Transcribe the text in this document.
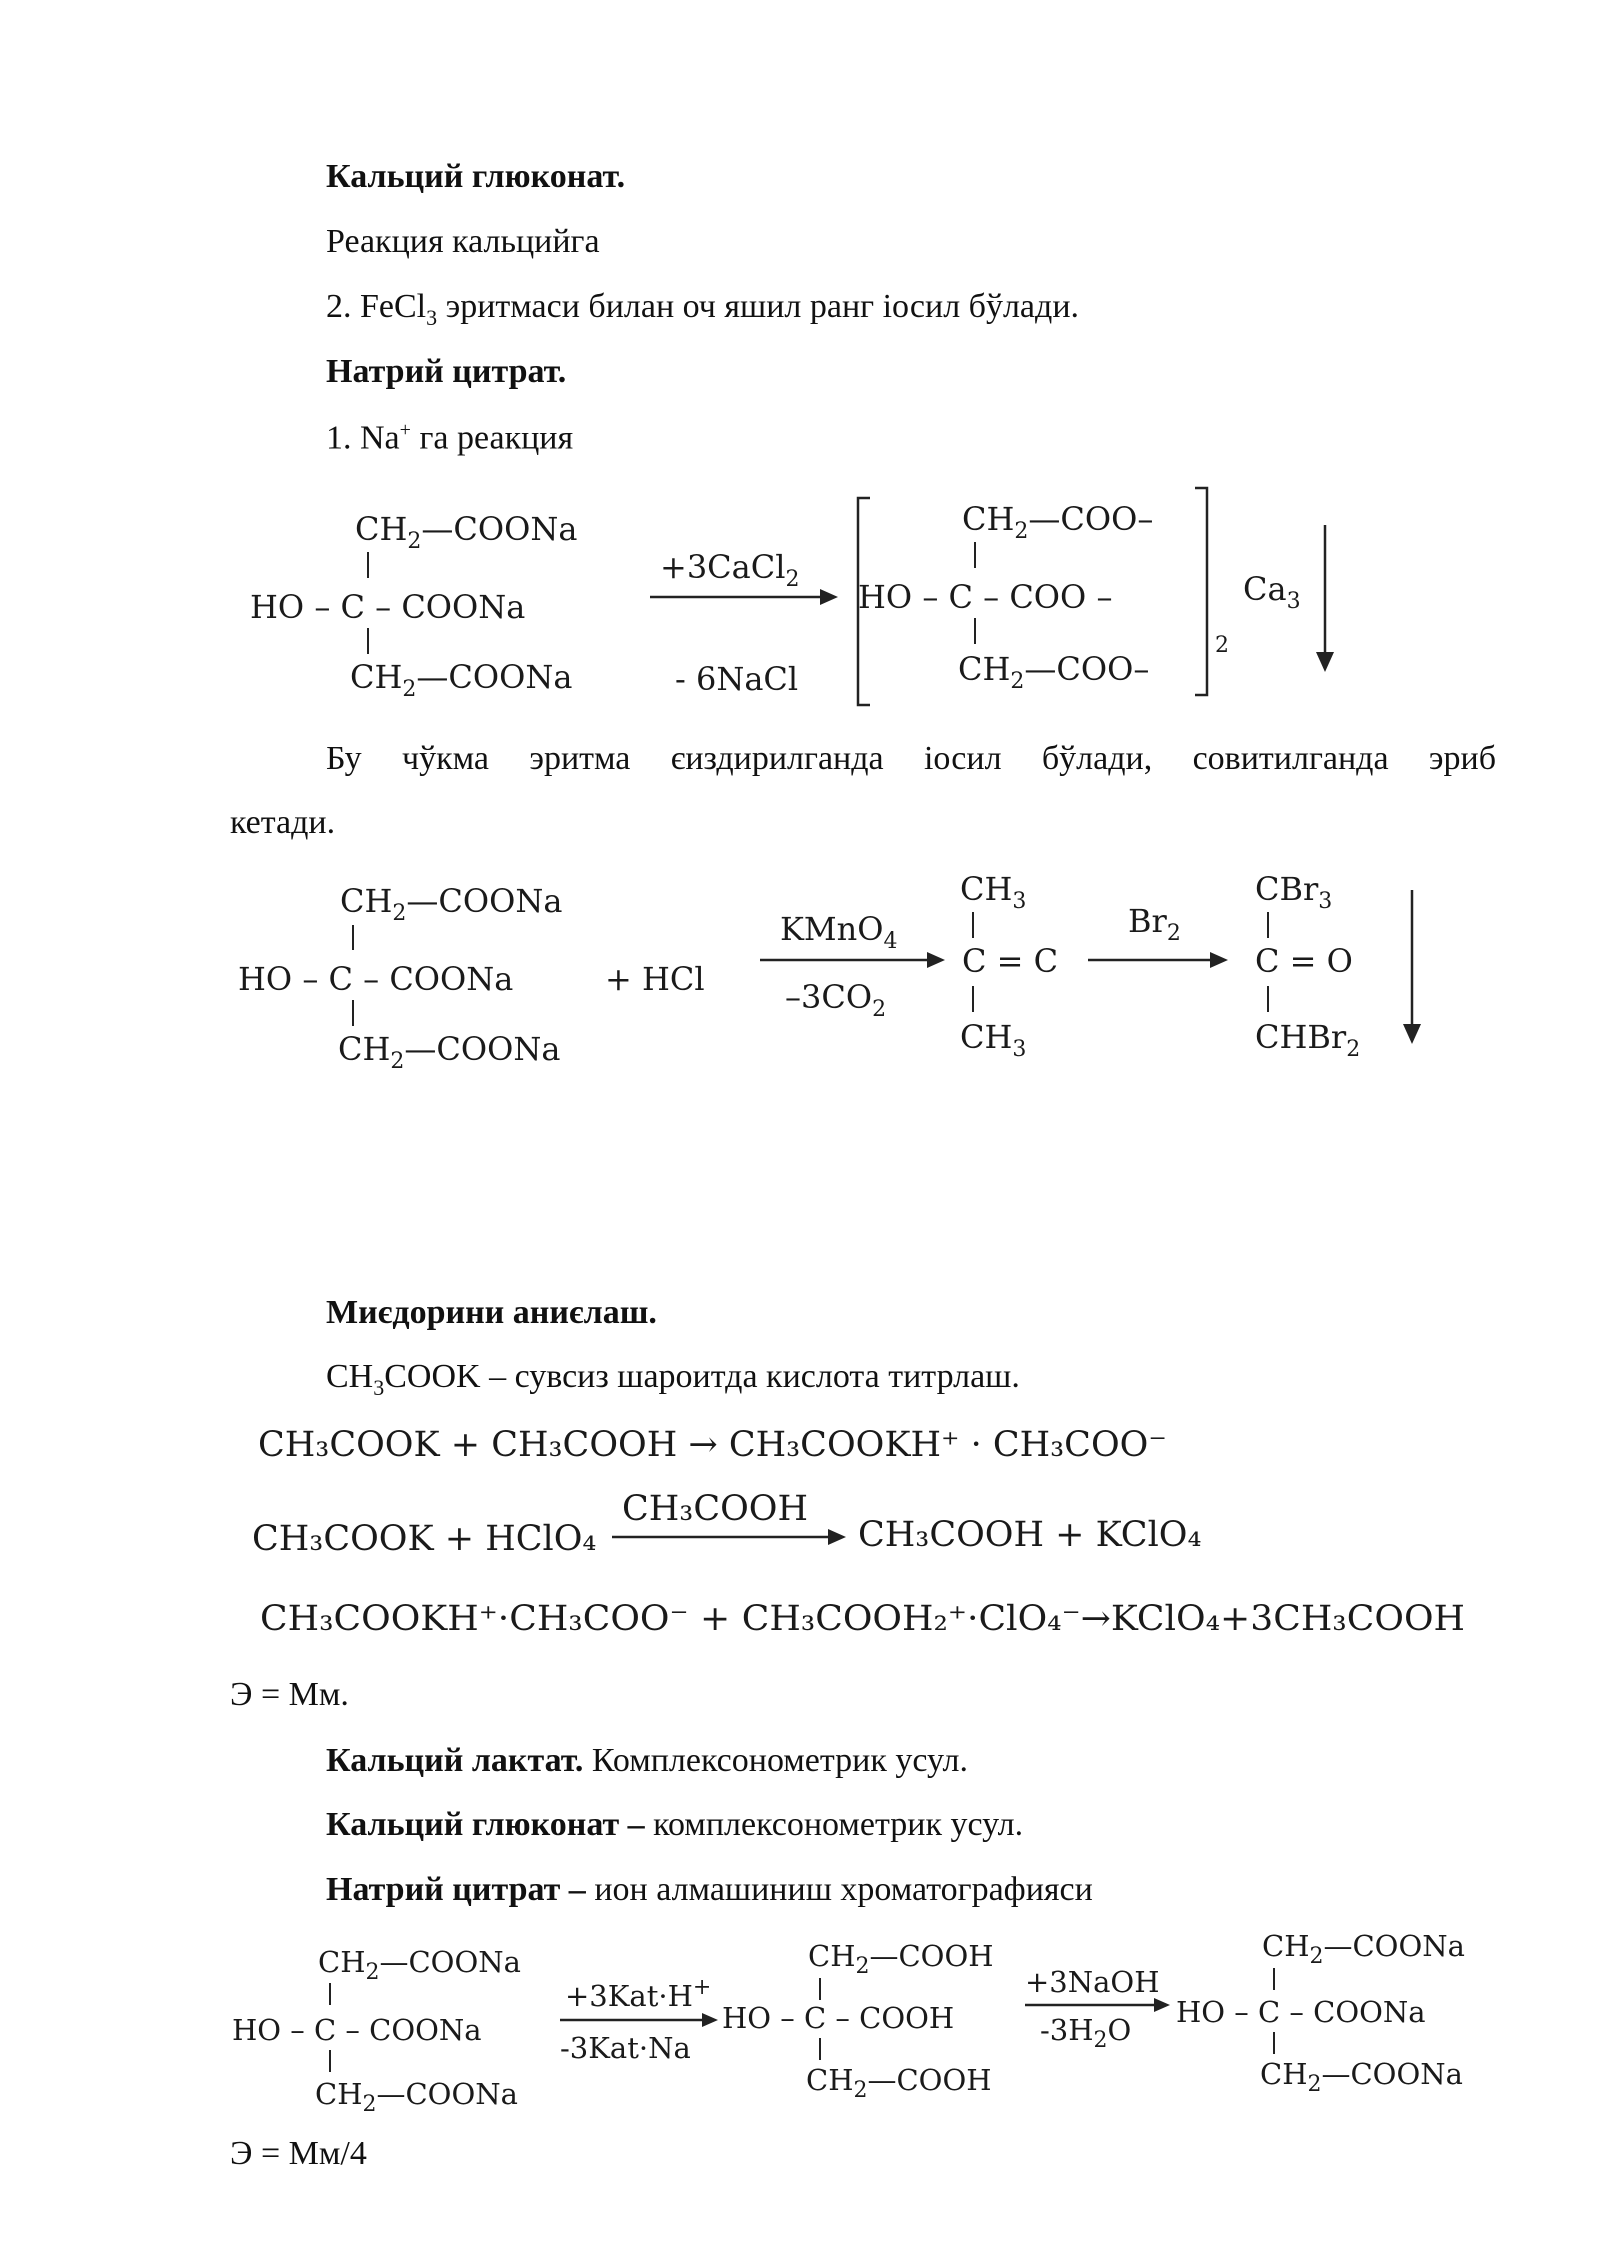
Кальций глюконат.
Реакция кальцийга
2. FeCl$_3$ эритмаси билан оч яшил ранг iосил бўлади.
Натрий цитрат.
1. Na+ га реакция
$CH_2—COONa$
HO – C – COONa
$CH_2—COONa$
+3CaCl$_2$
- 6NaCl
2
$CH_2—COO-$
HO – C – COO –
$CH_2—COO-$
$Ca_3$
Бу чўкма эритма єиздирилганда iосил бўлади, совитилганда эриб
кетади.
$CH_2—COONa$
HO – C – COONa
$CH_2—COONa$
+ HCl
KMnO$_4$
$-3CO_2$
$CH_3$
C = C
$CH_3$
$Br_2$
CBr$_3$
C = O
CHBr$_2$
Миєдорини аниєлаш.
$CH_3COOK$ – сувсиз шароитда кислота титрлаш.
CH₃COOK + CH₃COOH → CH₃COOKH⁺ · CH₃COO⁻
CH₃COOK + HClO₄
CH₃COOH
CH₃COOH + KClO₄
CH₃COOKH⁺·CH₃COO⁻ + CH₃COOH₂⁺·ClO₄⁻→KClO₄+3CH₃COOH
Э = Мм.
Кальций лактат. Комплексонометрик усул.
Кальций глюконат – комплексонометрик усул.
Натрий цитрат – ион алмашиниш хроматографияси
$CH_2—COONa$
HO – C – COONa
$CH_2—COONa$
+3Kat·H+
-3Kat·Na
$CH_2—COOH$
HO – C – COOH
$CH_2—COOH$
+3NaOH
$-3H_2O$
$CH_2—COONa$
HO – C – COONa
$CH_2—COONa$
Э = Мм/4
